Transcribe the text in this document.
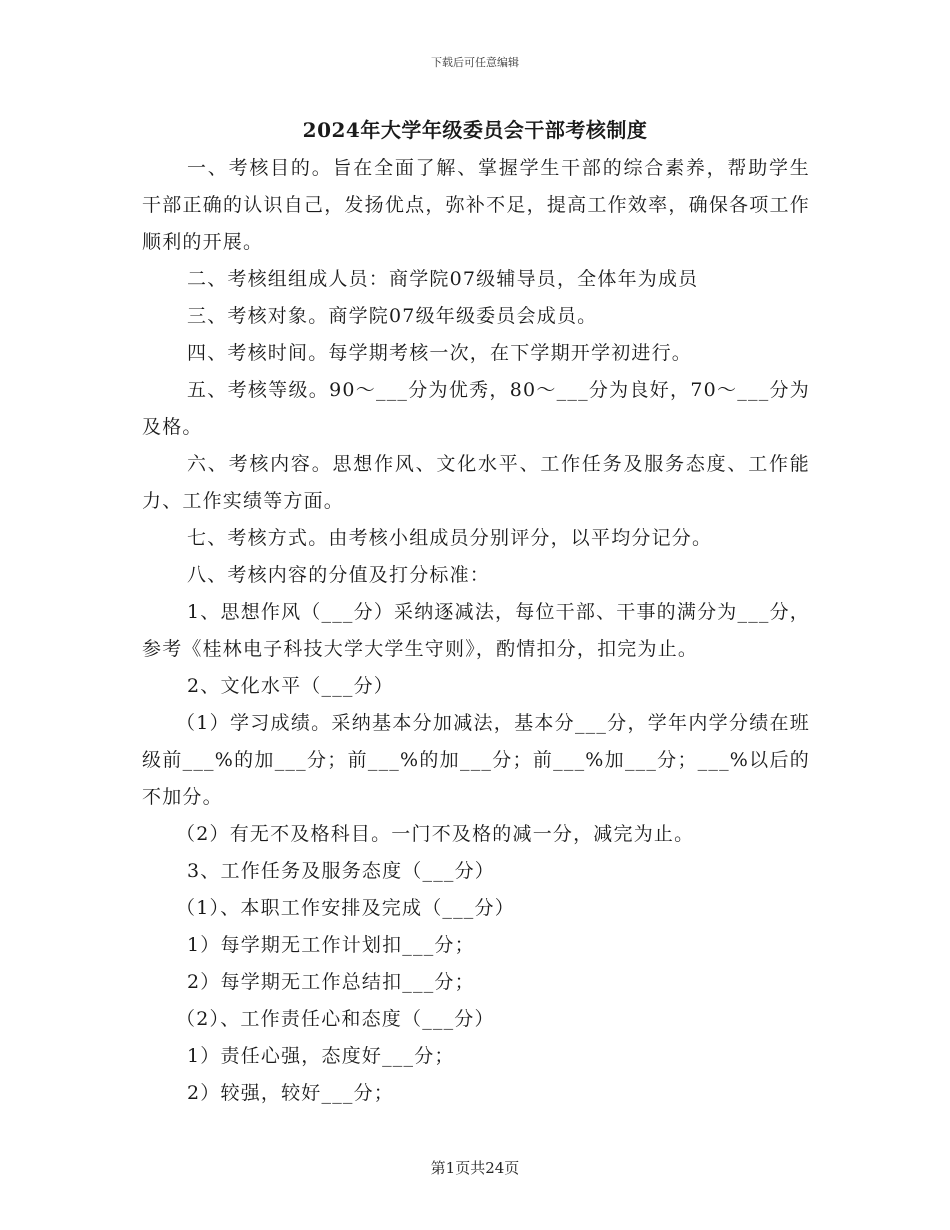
下载后可任意编辑
2024年大学年级委员会干部考核制度

一、考核目的。旨在全面了解、掌握学生干部的综合素养，帮助学生干部正确的认识自己，发扬优点，弥补不足，提高工作效率，确保各项工作顺利的开展。

二、考核组组成人员：商学院07级辅导员，全体年为成员

三、考核对象。商学院07级年级委员会成员。

四、考核时间。每学期考核一次，在下学期开学初进行。

五、考核等级。90～___分为优秀，80～___分为良好，70～___分为及格。

六、考核内容。思想作风、文化水平、工作任务及服务态度、工作能力、工作实绩等方面。

七、考核方式。由考核小组成员分别评分，以平均分记分。

八、考核内容的分值及打分标准：

1、思想作风（___分）采纳逐减法，每位干部、干事的满分为___分，参考《桂林电子科技大学大学生守则》，酌情扣分，扣完为止。

2、文化水平（___分）

（1）学习成绩。采纳基本分加减法，基本分___分，学年内学分绩在班级前___%的加___分；前___%的加___分；前___%加___分；___%以后的不加分。

（2）有无不及格科目。一门不及格的减一分，减完为止。

3、工作任务及服务态度（___分）

（1）、本职工作安排及完成（___分）

1）每学期无工作计划扣___分；

2）每学期无工作总结扣___分；

（2）、工作责任心和态度（___分）

1）责任心强，态度好___分；

2）较强，较好___分；

第1页共24页
